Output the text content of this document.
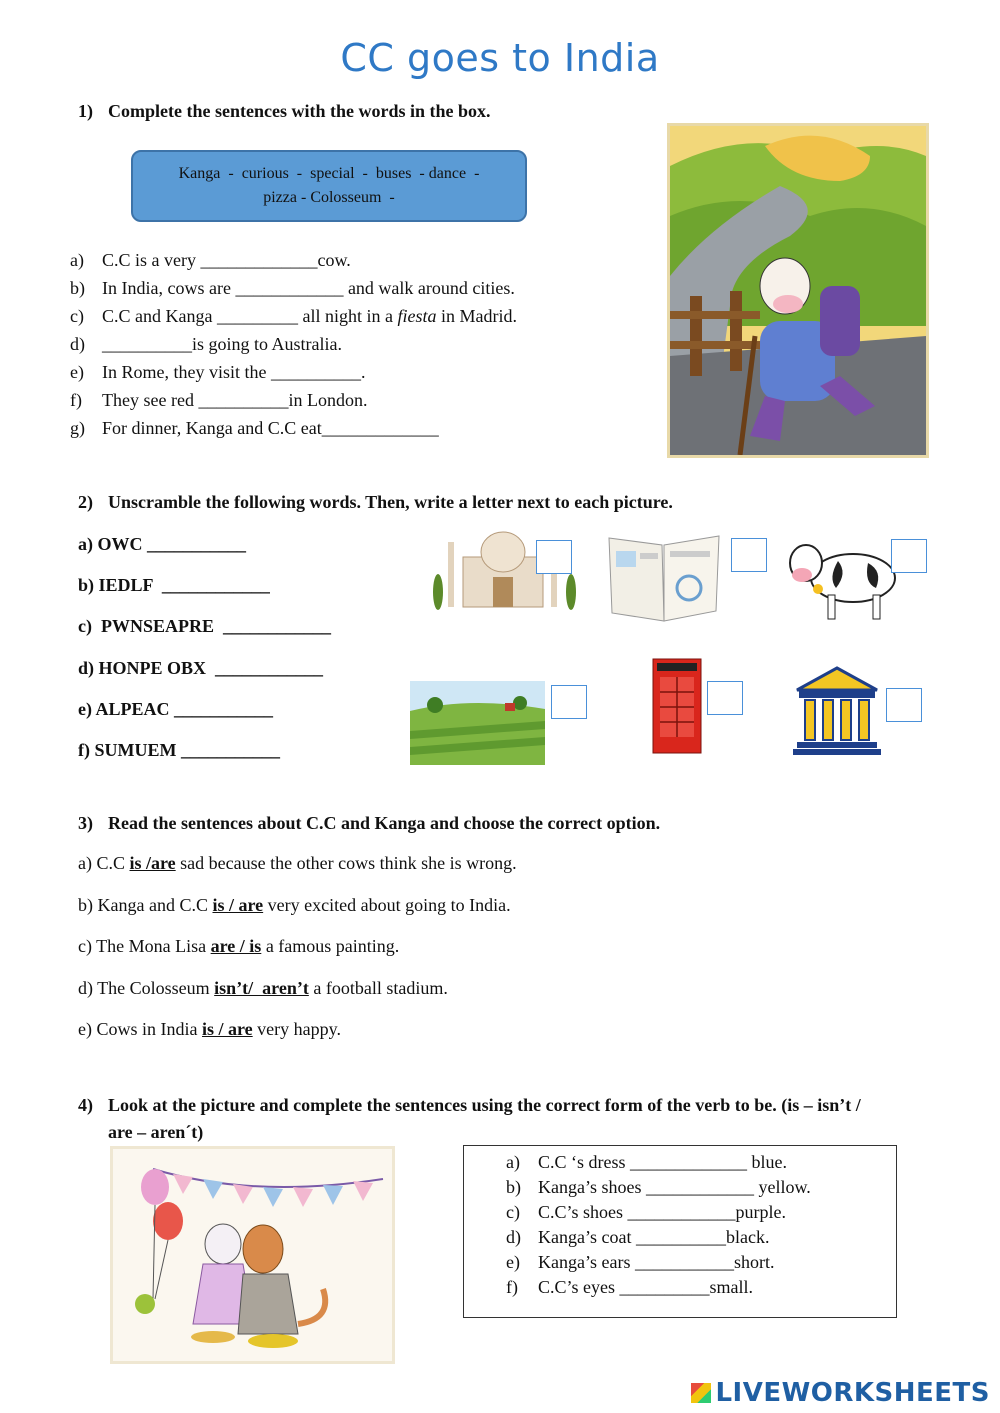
CC goes to India
1) Complete the sentences with the words in the box.
Kanga  -  curious  -  special  -  buses  - dance  -
pizza - Colosseum  -
a) C.C is a very _____________cow.
b) In India, cows are ____________ and walk around cities.
c) C.C and Kanga _________ all night in a fiesta in Madrid.
d) __________is going to Australia.
e) In Rome, they visit the __________.
f) They see red __________in London.
g) For dinner, Kanga and C.C eat_____________
2) Unscramble the following words. Then, write a letter next to each picture.
a) OWC ___________
b) IEDLF  ____________
c)  PWNSEAPRE  ____________
d) HONPE OBX  ____________
e) ALPEAC ___________
f) SUMUEM ___________
3) Read the sentences about C.C and Kanga and choose the correct option.
a) C.C is /are sad because the other cows think she is wrong.
b) Kanga and C.C is / are very excited about going to India.
c) The Mona Lisa are / is a famous painting.
d) The Colosseum isn’t/  aren’t a football stadium.
e) Cows in India is / are very happy.
4) Look at the picture and complete the sentences using the correct form of the verb to be. (is – isn’t /
are – aren´t)
a) C.C ‘s dress _____________ blue.
b) Kanga’s shoes ____________ yellow.
c) C.C’s shoes ____________purple.
d) Kanga’s coat __________black.
e) Kanga’s ears ___________short.
f) C.C’s eyes __________small.
LIVEWORKSHEETS
